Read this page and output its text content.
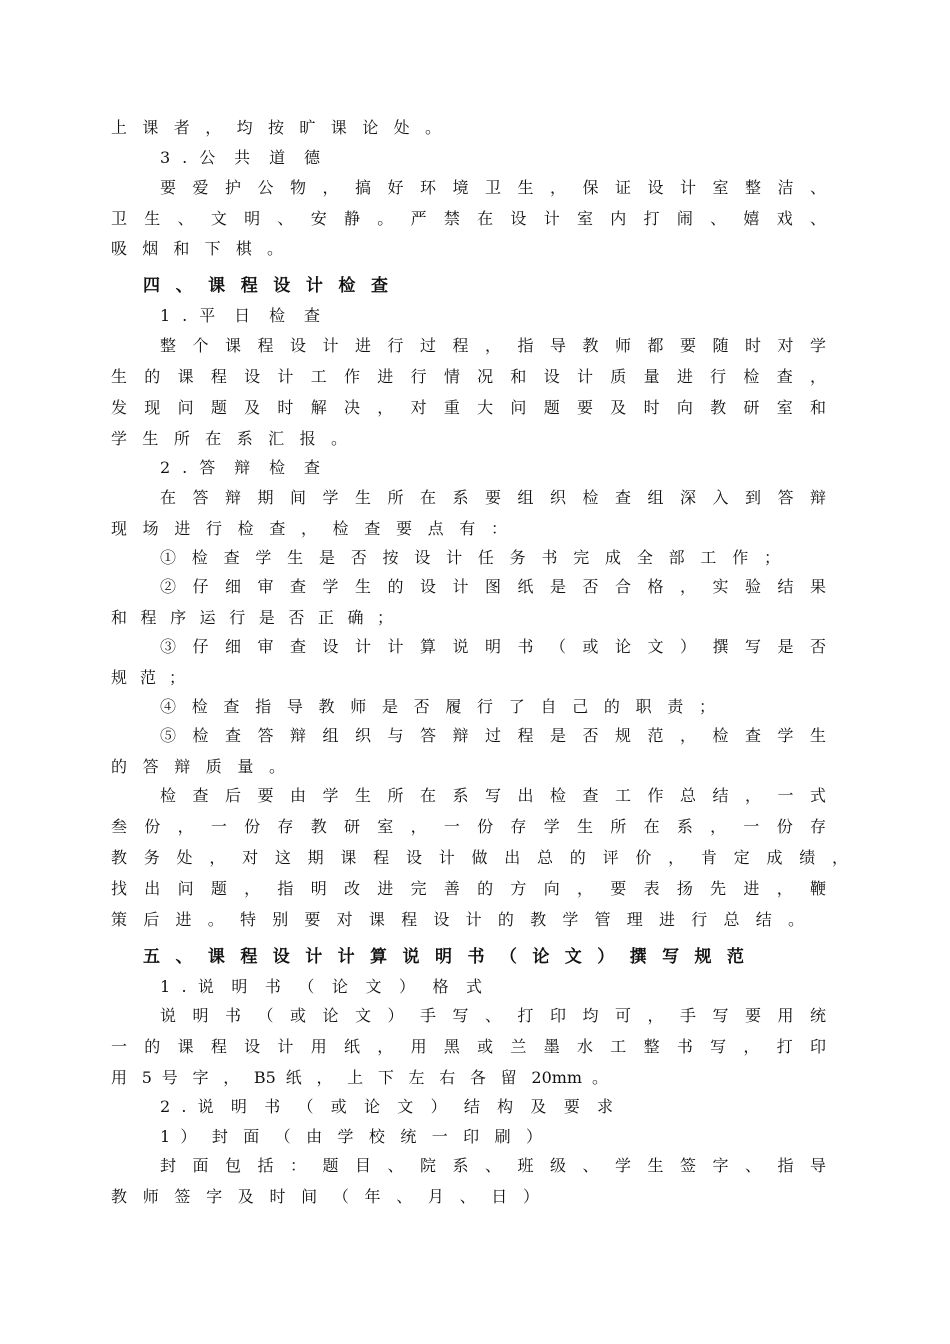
上 课 者 ， 均 按 旷 课 论 处 。
3 . 公 共 道 德
要 爱 护 公 物 ， 搞 好 环 境 卫 生 ， 保 证 设 计 室 整 洁 、
卫 生 、 文 明 、 安 静 。 严 禁 在 设 计 室 内 打 闹 、 嬉 戏 、
吸 烟 和 下 棋 。
四 、 课 程 设 计 检 查
1 . 平 日 检 查
整 个 课 程 设 计 进 行 过 程 ， 指 导 教 师 都 要 随 时 对 学
生 的 课 程 设 计 工 作 进 行 情 况 和 设 计 质 量 进 行 检 查 ，
发 现 问 题 及 时 解 决 ， 对 重 大 问 题 要 及 时 向 教 研 室 和
学 生 所 在 系 汇 报 。
2 . 答 辩 检 查
在 答 辩 期 间 学 生 所 在 系 要 组 织 检 查 组 深 入 到 答 辩
现 场 进 行 检 查 ， 检 查 要 点 有 ：
① 检 查 学 生 是 否 按 设 计 任 务 书 完 成 全 部 工 作 ；
② 仔 细 审 查 学 生 的 设 计 图 纸 是 否 合 格 ， 实 验 结 果
和 程 序 运 行 是 否 正 确 ；
③ 仔 细 审 查 设 计 计 算 说 明 书 （ 或 论 文 ） 撰 写 是 否
规 范 ；
④ 检 查 指 导 教 师 是 否 履 行 了 自 己 的 职 责 ；
⑤ 检 查 答 辩 组 织 与 答 辩 过 程 是 否 规 范 ， 检 查 学 生
的 答 辩 质 量 。
检 查 后 要 由 学 生 所 在 系 写 出 检 查 工 作 总 结 ， 一 式
叁 份 ， 一 份 存 教 研 室 ， 一 份 存 学 生 所 在 系 ， 一 份 存
教 务 处 ， 对 这 期 课 程 设 计 做 出 总 的 评 价 ， 肯 定 成 绩 ，
找 出 问 题 ， 指 明 改 进 完 善 的 方 向 ， 要 表 扬 先 进 ， 鞭
策 后 进 。 特 别 要 对 课 程 设 计 的 教 学 管 理 进 行 总 结 。
五 、 课 程 设 计 计 算 说 明 书 （ 论 文 ） 撰 写 规 范
1 . 说 明 书 （ 论 文 ） 格 式
说 明 书 （ 或 论 文 ） 手 写 、 打 印 均 可 ， 手 写 要 用 统
一 的 课 程 设 计 用 纸 ， 用 黑 或 兰 墨 水 工 整 书 写 ， 打 印
用 5 号 字 ， B5 纸 ， 上 下 左 右 各 留 20mm 。
2 . 说 明 书 （ 或 论 文 ） 结 构 及 要 求
1 ） 封 面 （ 由 学 校 统 一 印 刷 ）
封 面 包 括 ： 题 目 、 院 系 、 班 级 、 学 生 签 字 、 指 导
教 师 签 字 及 时 间 （ 年 、 月 、 日 ）
